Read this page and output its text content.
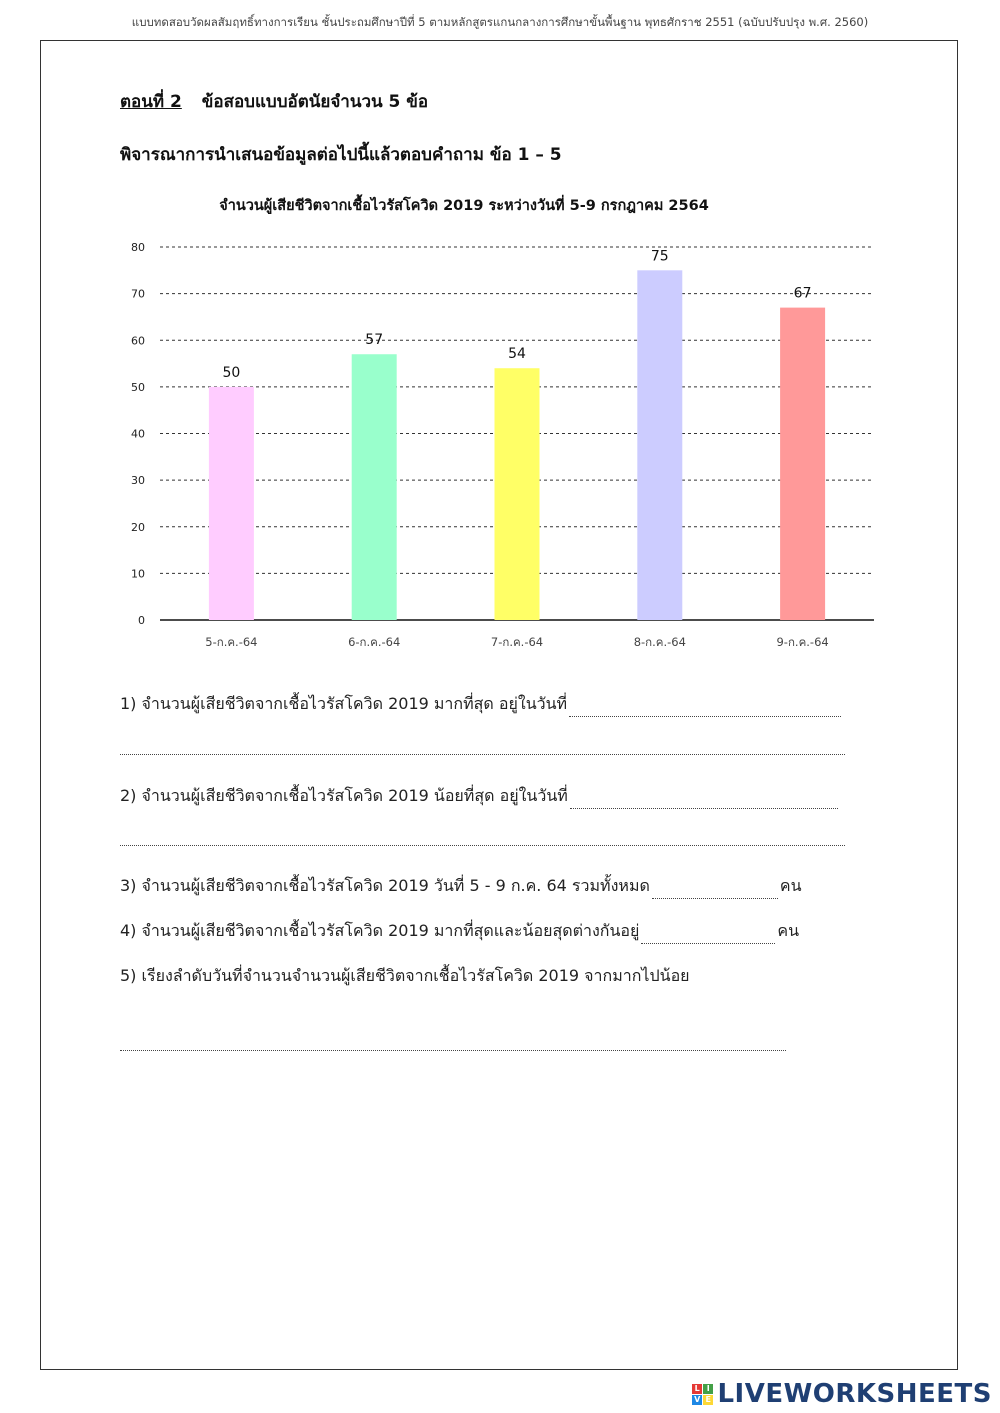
แบบทดสอบวัดผลสัมฤทธิ์ทางการเรียน ชั้นประถมศึกษาปีที่ 5 ตามหลักสูตรแกนกลางการศึกษาขั้นพื้นฐาน พุทธศักราช 2551 (ฉบับปรับปรุง พ.ศ. 2560)
ตอนที่ 2 ข้อสอบแบบอัตนัยจำนวน 5 ข้อ
พิจารณาการนำเสนอข้อมูลต่อไปนี้แล้วตอบคำถาม ข้อ 1 – 5
จำนวนผู้เสียชีวิตจากเชื้อไวรัสโควิด 2019 ระหว่างวันที่ 5-9 กรกฎาคม 2564
0
10
20
30
40
50
60
70
80
50
5-ก.ค.-64
57
6-ก.ค.-64
54
7-ก.ค.-64
75
8-ก.ค.-64
67
9-ก.ค.-64
1) จำนวนผู้เสียชีวิตจากเชื้อไวรัสโควิด 2019 มากที่สุด อยู่ในวันที่
2) จำนวนผู้เสียชีวิตจากเชื้อไวรัสโควิด 2019 น้อยที่สุด อยู่ในวันที่
3) จำนวนผู้เสียชีวิตจากเชื้อไวรัสโควิด 2019 วันที่ 5 - 9 ก.ค. 64 รวมทั้งหมด	คน
4) จำนวนผู้เสียชีวิตจากเชื้อไวรัสโควิด 2019 มากที่สุดและน้อยสุดต่างกันอยู่	คน
5) เรียงลำดับวันที่จำนวนจำนวนผู้เสียชีวิตจากเชื้อไวรัสโควิด 2019 จากมากไปน้อย
L I
V E LIVEWORKSHEETS
